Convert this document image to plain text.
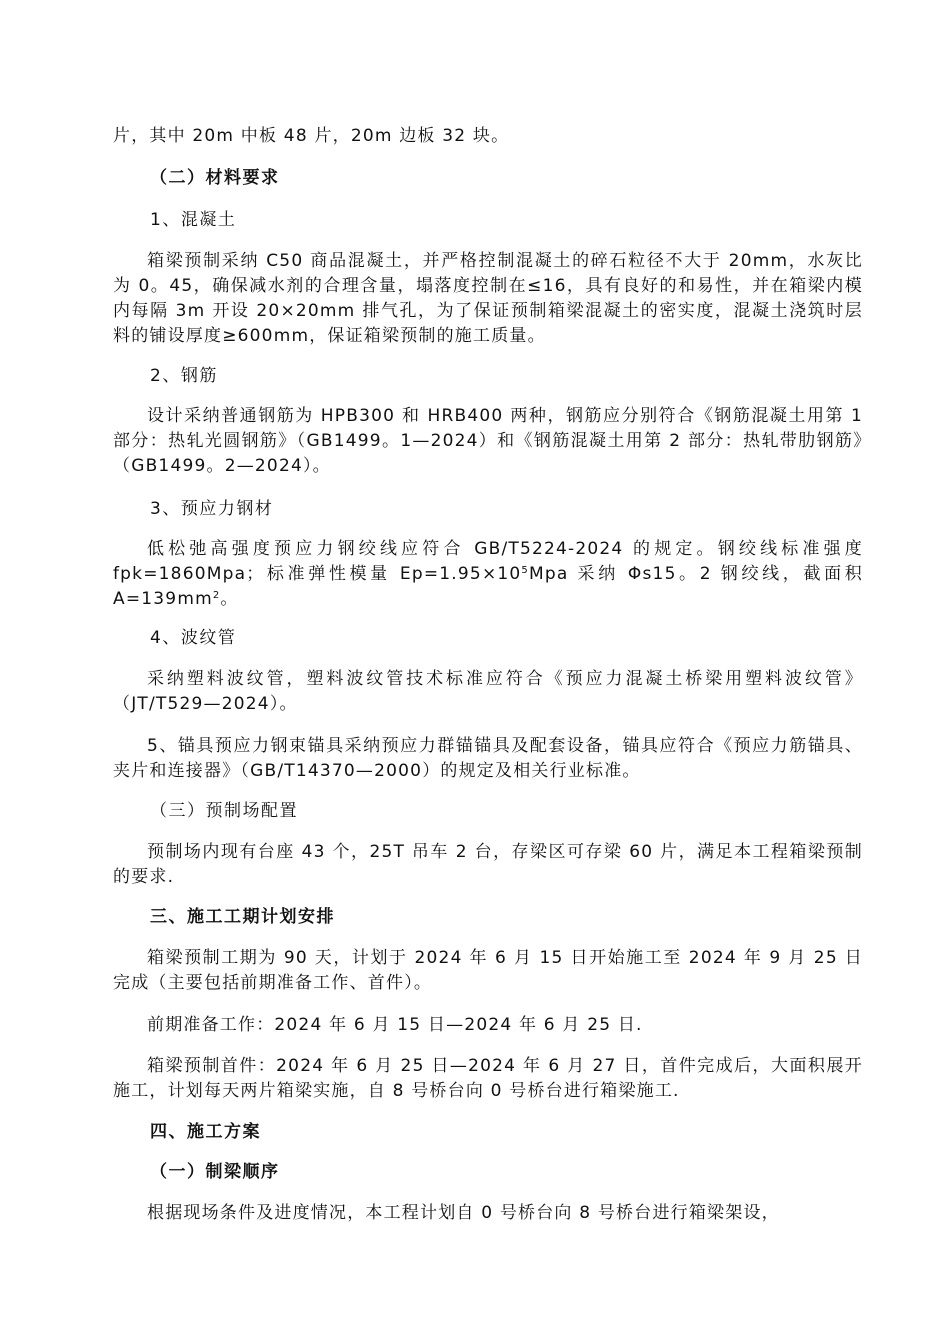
片，其中 20m 中板 48 片，20m 边板 32 块。

（二）材料要求

1、混凝土

箱梁预制采纳 C50 商品混凝土，并严格控制混凝土的碎石粒径不大于 20mm，水灰比为 0。45，确保减水剂的合理含量，塌落度控制在≤16，具有良好的和易性，并在箱梁内模内每隔 3m 开设 20×20mm 排气孔，为了保证预制箱梁混凝土的密实度，混凝土浇筑时层料的铺设厚度≥600mm，保证箱梁预制的施工质量。

2、钢筋

设计采纳普通钢筋为 HPB300 和 HRB400 两种，钢筋应分别符合《钢筋混凝土用第 1 部分：热轧光圆钢筋》（GB1499。1—2024）和《钢筋混凝土用第 2 部分：热轧带肋钢筋》（GB1499。2—2024）。

3、预应力钢材

低松弛高强度预应力钢绞线应符合 GB/T5224-2024 的规定。钢绞线标准强度 fpk=1860Mpa；标准弹性模量 $Ep=1.95\times 10^5Mpa$ 采纳 Φs15。2 钢绞线，截面积 $A=139mm^2$。

4、波纹管

采纳塑料波纹管，塑料波纹管技术标准应符合《预应力混凝土桥梁用塑料波纹管》（JT/T529—2024）。

5、锚具预应力钢束锚具采纳预应力群锚锚具及配套设备，锚具应符合《预应力筋锚具、夹片和连接器》（GB/T14370—2000）的规定及相关行业标准。

（三）预制场配置

预制场内现有台座 43 个，25T 吊车 2 台，存梁区可存梁 60 片，满足本工程箱梁预制的要求.

三、施工工期计划安排

箱梁预制工期为 90 天，计划于 2024 年 6 月 15 日开始施工至 2024 年 9 月 25 日完成（主要包括前期准备工作、首件）。

前期准备工作：2024 年 6 月 15 日—2024 年 6 月 25 日.

箱梁预制首件：2024 年 6 月 25 日—2024 年 6 月 27 日，首件完成后，大面积展开施工，计划每天两片箱梁实施，自 8 号桥台向 0 号桥台进行箱梁施工.

四、施工方案

（一）制梁顺序

根据现场条件及进度情况，本工程计划自 0 号桥台向 8 号桥台进行箱梁架设，
